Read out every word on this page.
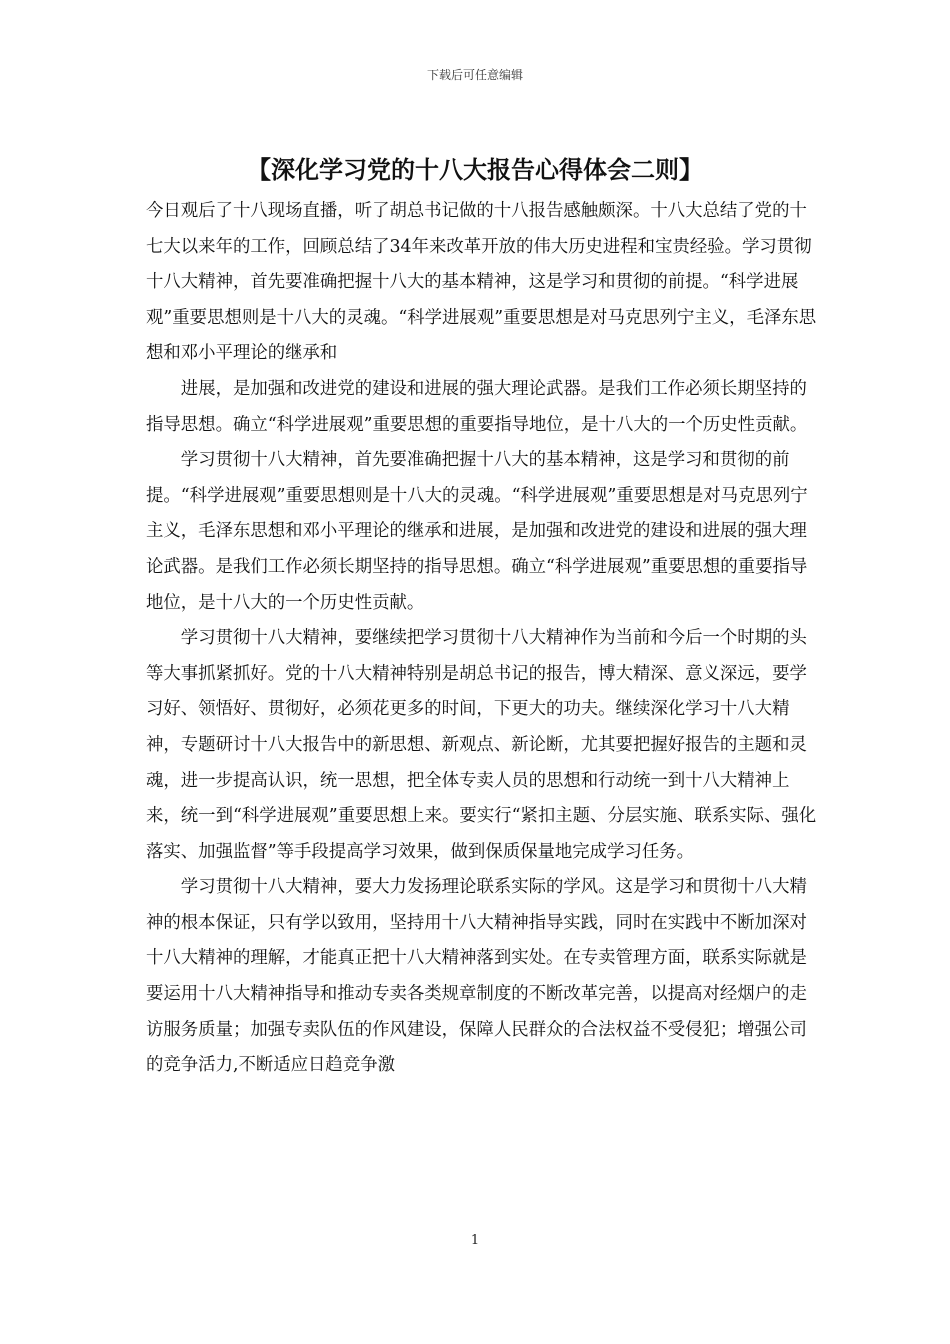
下载后可任意编辑
【深化学习党的十八大报告心得体会二则】

今日观后了十八现场直播，听了胡总书记做的十八报告感触颇深。十八大总结了党的十七大以来年的工作，回顾总结了34年来改革开放的伟大历史进程和宝贵经验。学习贯彻十八大精神，首先要准确把握十八大的基本精神，这是学习和贯彻的前提。“科学进展观”重要思想则是十八大的灵魂。“科学进展观”重要思想是对马克思列宁主义，毛泽东思想和邓小平理论的继承和

进展，是加强和改进党的建设和进展的强大理论武器。是我们工作必须长期坚持的指导思想。确立“科学进展观”重要思想的重要指导地位，是十八大的一个历史性贡献。

学习贯彻十八大精神，首先要准确把握十八大的基本精神，这是学习和贯彻的前提。“科学进展观”重要思想则是十八大的灵魂。“科学进展观”重要思想是对马克思列宁主义，毛泽东思想和邓小平理论的继承和进展，是加强和改进党的建设和进展的强大理论武器。是我们工作必须长期坚持的指导思想。确立“科学进展观”重要思想的重要指导地位，是十八大的一个历史性贡献。

学习贯彻十八大精神，要继续把学习贯彻十八大精神作为当前和今后一个时期的头等大事抓紧抓好。党的十八大精神特别是胡总书记的报告，博大精深、意义深远，要学习好、领悟好、贯彻好，必须花更多的时间，下更大的功夫。继续深化学习十八大精神，专题研讨十八大报告中的新思想、新观点、新论断，尤其要把握好报告的主题和灵魂，进一步提高认识，统一思想，把全体专卖人员的思想和行动统一到十八大精神上来，统一到“科学进展观”重要思想上来。要实行“紧扣主题、分层实施、联系实际、强化落实、加强监督”等手段提高学习效果，做到保质保量地完成学习任务。

学习贯彻十八大精神，要大力发扬理论联系实际的学风。这是学习和贯彻十八大精神的根本保证，只有学以致用，坚持用十八大精神指导实践，同时在实践中不断加深对十八大精神的理解，才能真正把十八大精神落到实处。在专卖管理方面，联系实际就是要运用十八大精神指导和推动专卖各类规章制度的不断改革完善，以提高对经烟户的走访服务质量；加强专卖队伍的作风建设，保障人民群众的合法权益不受侵犯；增强公司的竞争活力,不断适应日趋竞争激

1
